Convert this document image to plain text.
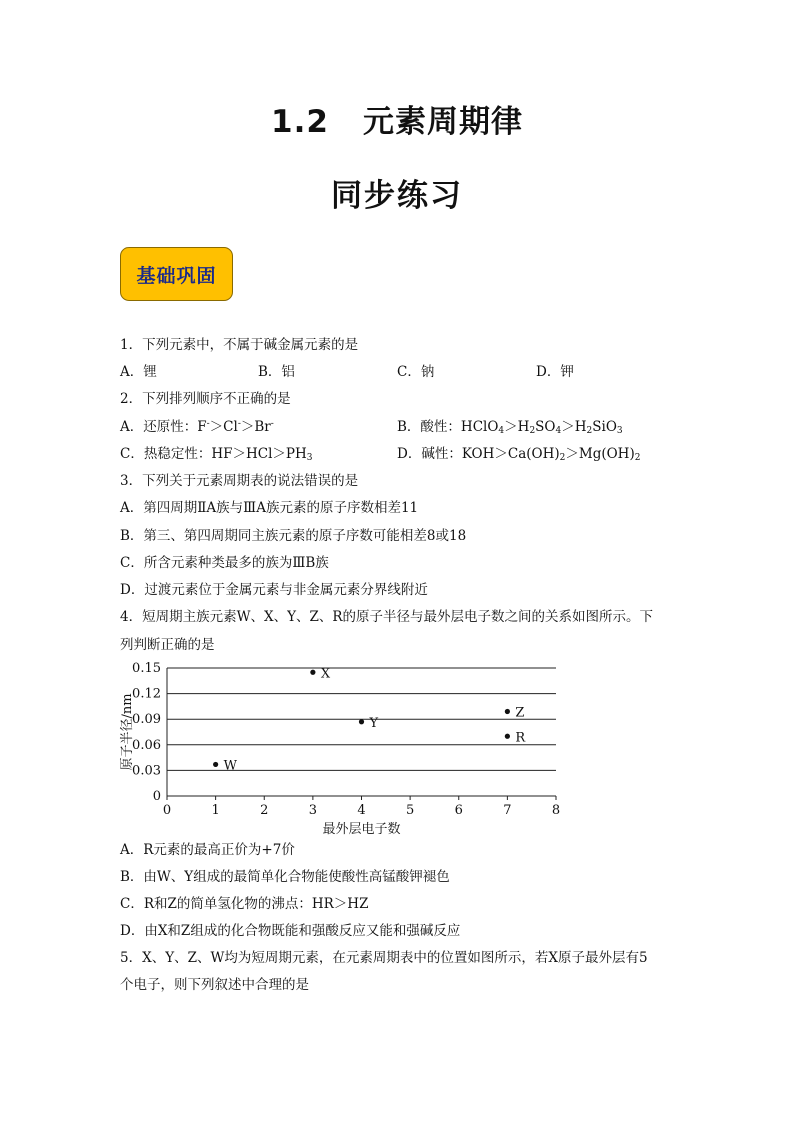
1.2 元素周期律
同步练习
基础巩固
1．下列元素中，不属于碱金属元素的是
A．锂	B．铝	C．钠	D．钾
2．下列排列顺序不正确的是
A．还原性：F-＞Cl-＞Br-	B．酸性：$HClO_4>H_2SO_4>H_2SiO_3$
C．热稳定性：$HF>HCl>PH_3$	D．碱性：$KOH>Ca(OH)_2>Mg(OH)_2$
3．下列关于元素周期表的说法错误的是
A．第四周期ⅡA族与ⅢA族元素的原子序数相差11
B．第三、第四周期同主族元素的原子序数可能相差8或18
C．所含元素种类最多的族为ⅢB族
D．过渡元素位于金属元素与非金属元素分界线附近
4．短周期主族元素W、X、Y、Z、R的原子半径与最外层电子数之间的关系如图所示。下
列判断正确的是
0
0.03
0.06
0.09
0.12
0.15
0	1	2	3	4	5	6	7	8
最外层电子数
原子半径/nm	W
X
Y
Z
R
A．R元素的最高正价为+7价
B．由W、Y组成的最简单化合物能使酸性高锰酸钾褪色
C．R和Z的简单氢化物的沸点：HR＞HZ
D．由X和Z组成的化合物既能和强酸反应又能和强碱反应
5．X、Y、Z、W均为短周期元素，在元素周期表中的位置如图所示，若X原子最外层有5
个电子，则下列叙述中合理的是
